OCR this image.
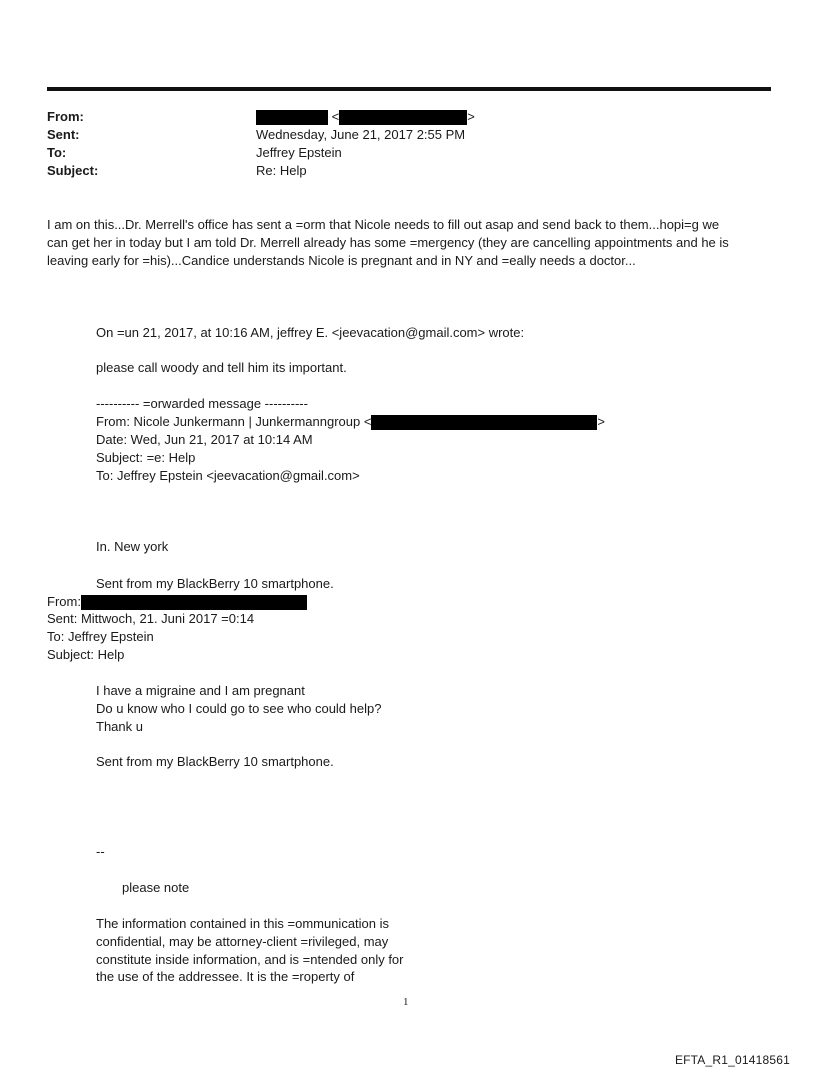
From:	<	>
Sent:	Wednesday, June 21, 2017 2:55 PM
To:	Jeffrey Epstein
Subject:	Re: Help
I am on this...Dr. Merrell's office has sent a =orm that Nicole needs to fill out asap and send back to them...hopi=g we
can get her in today but I am told Dr. Merrell already has some =mergency (they are cancelling appointments and he is
leaving early for =his)...Candice understands Nicole is pregnant and in NY and =eally needs a doctor...
On =un 21, 2017, at 10:16 AM, jeffrey E. <jeevacation@gmail.com> wrote:
please call woody and tell him its important.
---------- =orwarded message ----------
From: Nicole Junkermann | Junkermanngroup <	>
Date: Wed, Jun 21, 2017 at 10:14 AM
Subject: =e: Help
To: Jeffrey Epstein <jeevacation@gmail.com>
In. New york
Sent from my BlackBerry 10 smartphone.
From:
Sent: Mittwoch, 21. Juni 2017 =0:14
To: Jeffrey Epstein
Subject: Help
I have a migraine and I am pregnant
Do u know who I could go to see who could help?
Thank u
Sent from my BlackBerry 10 smartphone.
--
please note
The information contained in this =ommunication is
confidential, may be attorney-client =rivileged, may
constitute inside information, and is =ntended only for
the use of the addressee. It is the =roperty of
1
EFTA_R1_01418561
